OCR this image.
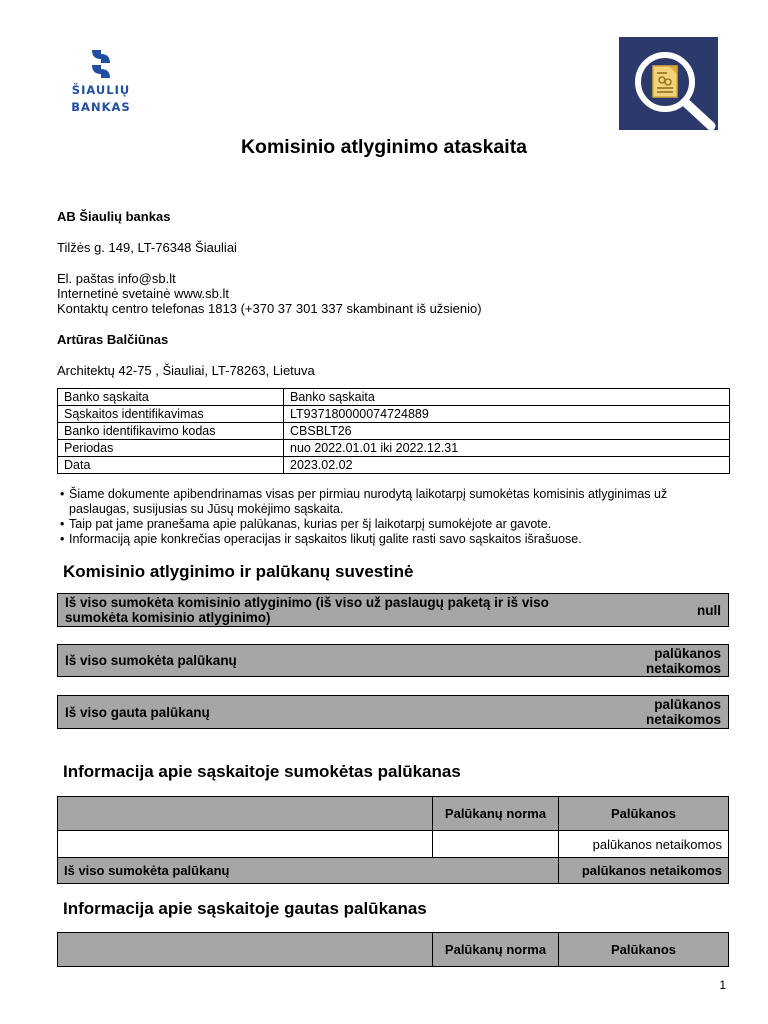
ŠIAULIŲ
BANKAS
Komisinio atlyginimo ataskaita
AB Šiaulių bankas
Tilžės g. 149, LT-76348 Šiauliai
El. paštas info@sb.lt
Internetinė svetainė www.sb.lt
Kontaktų centro telefonas 1813 (+370 37 301 337 skambinant iš užsienio)
Artūras Balčiūnas
Architektų 42-75 , Šiauliai, LT-78263, Lietuva
Banko sąskaita	Banko sąskaita
Sąskaitos identifikavimas	LT937180000074724889
Banko identifikavimo kodas	CBSBLT26
Periodas	nuo 2022.01.01 iki 2022.12.31
Data	2023.02.02
• Šiame dokumente apibendrinamas visas per pirmiau nurodytą laikotarpį sumokėtas komisinis atlyginimas už paslaugas, susijusias su Jūsų mokėjimo sąskaita.
• Taip pat jame pranešama apie palūkanas, kurias per šį laikotarpį sumokėjote ar gavote.
• Informaciją apie konkrečias operacijas ir sąskaitos likutį galite rasti savo sąskaitos išrašuose.
Komisinio atlyginimo ir palūkanų suvestinė
Iš viso sumokėta komisinio atlyginimo (iš viso už paslaugų paketą ir iš viso sumokėta komisinio atlyginimo)	null
Iš viso sumokėta palūkanų	palūkanos netaikomos
Iš viso gauta palūkanų	palūkanos netaikomos
Informacija apie sąskaitoje sumokėtas palūkanas
	Palūkanų norma	Palūkanos
		palūkanos netaikomos
Iš viso sumokėta palūkanų		palūkanos netaikomos
Informacija apie sąskaitoje gautas palūkanas
	Palūkanų norma	Palūkanos
1
